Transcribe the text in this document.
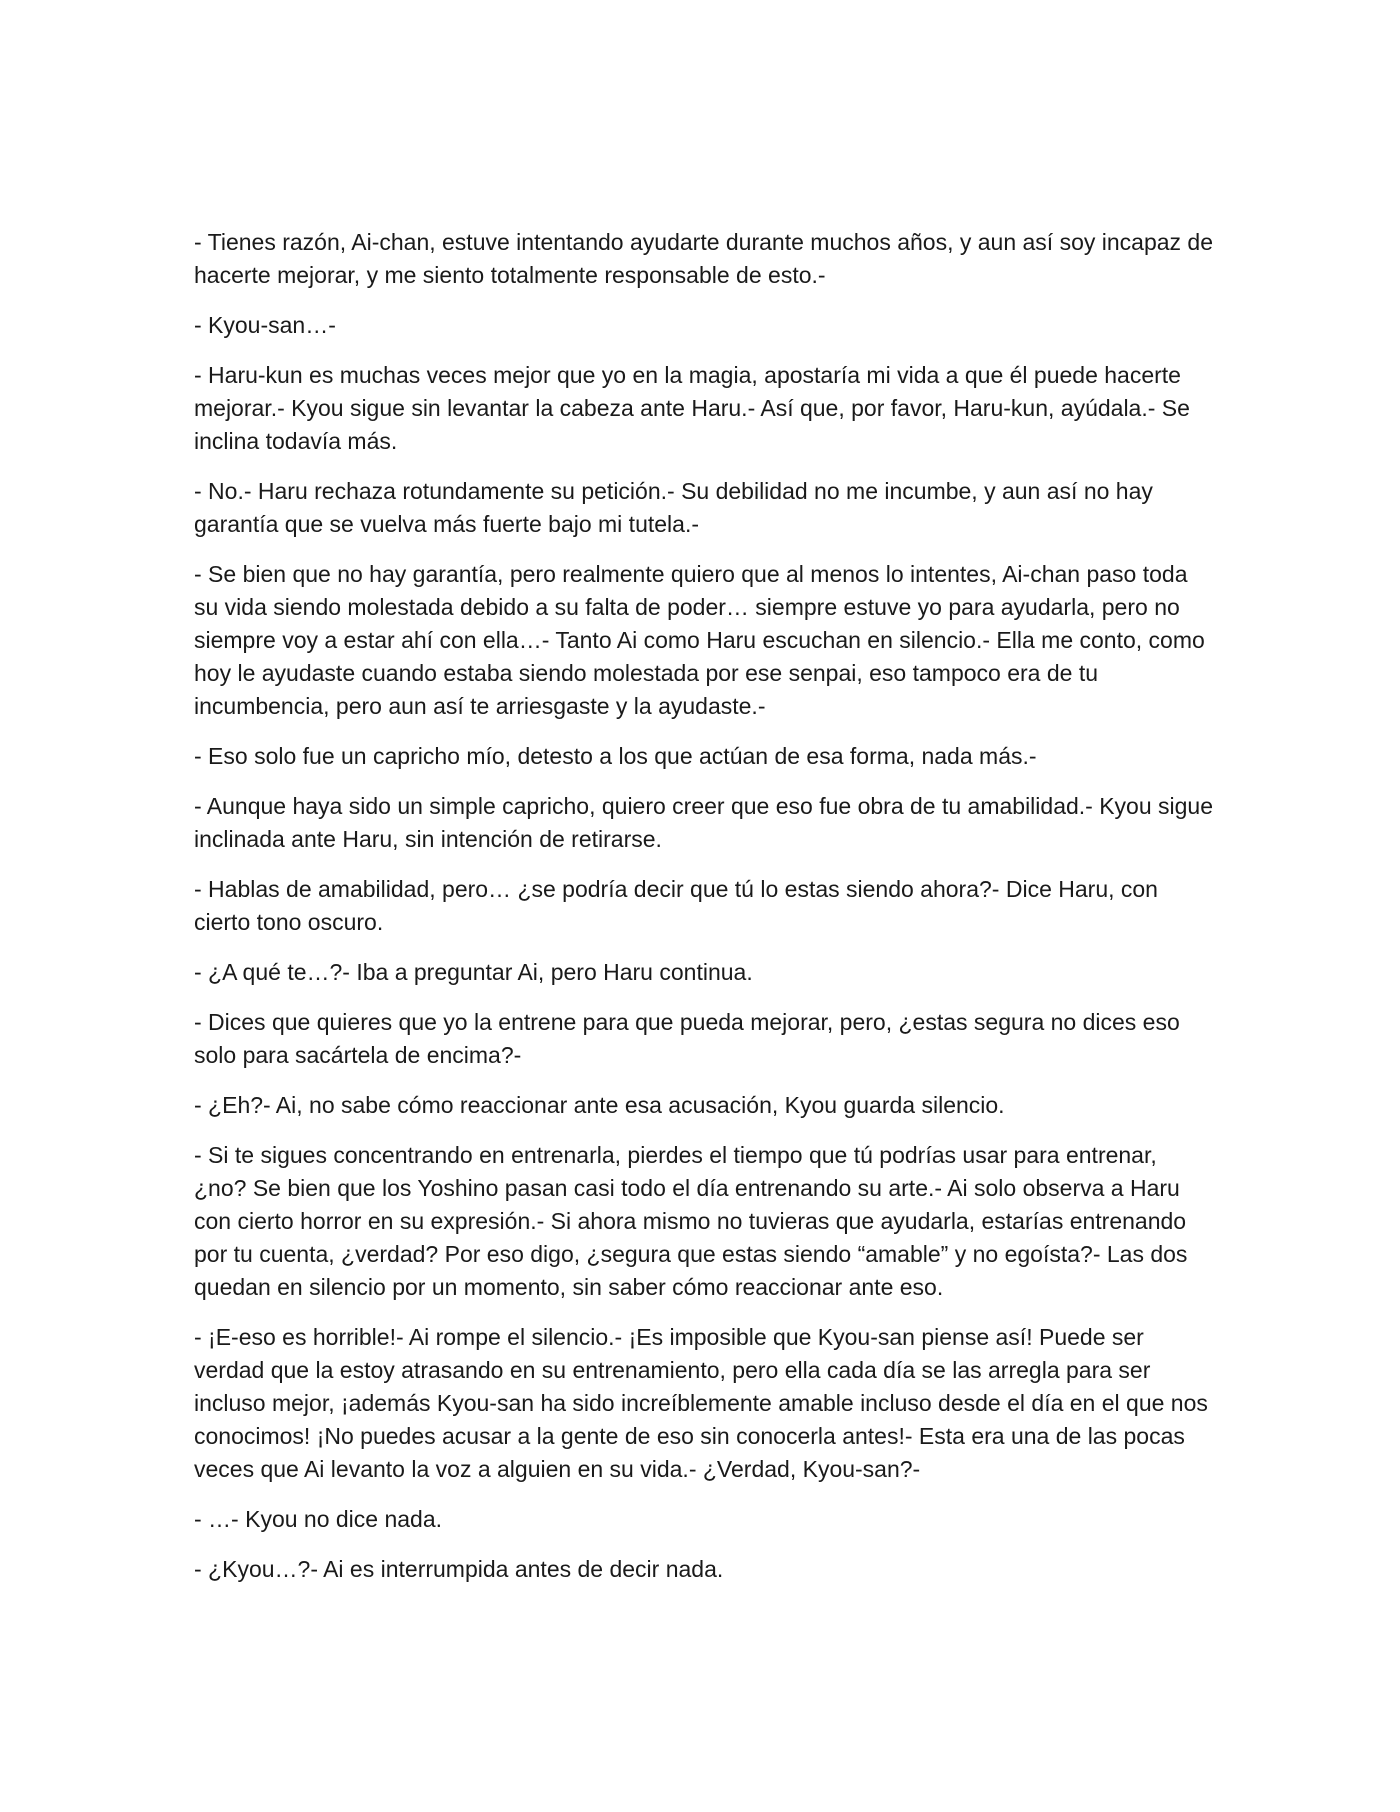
- Tienes razón, Ai-chan, estuve intentando ayudarte durante muchos años, y aun así soy incapaz de hacerte mejorar, y me siento totalmente responsable de esto.-

- Kyou-san…-

- Haru-kun es muchas veces mejor que yo en la magia, apostaría mi vida a que él puede hacerte mejorar.- Kyou sigue sin levantar la cabeza ante Haru.- Así que, por favor, Haru-kun, ayúdala.- Se inclina todavía más.

- No.- Haru rechaza rotundamente su petición.- Su debilidad no me incumbe, y aun así no hay garantía que se vuelva más fuerte bajo mi tutela.-

- Se bien que no hay garantía, pero realmente quiero que al menos lo intentes, Ai-chan paso toda su vida siendo molestada debido a su falta de poder… siempre estuve yo para ayudarla, pero no siempre voy a estar ahí con ella…- Tanto Ai como Haru escuchan en silencio.- Ella me conto, como hoy le ayudaste cuando estaba siendo molestada por ese senpai, eso tampoco era de tu incumbencia, pero aun así te arriesgaste y la ayudaste.-

- Eso solo fue un capricho mío, detesto a los que actúan de esa forma, nada más.-

- Aunque haya sido un simple capricho, quiero creer que eso fue obra de tu amabilidad.- Kyou sigue inclinada ante Haru, sin intención de retirarse.

- Hablas de amabilidad, pero… ¿se podría decir que tú lo estas siendo ahora?- Dice Haru, con cierto tono oscuro.

- ¿A qué te…?- Iba a preguntar Ai, pero Haru continua.

- Dices que quieres que yo la entrene para que pueda mejorar, pero, ¿estas segura no dices eso solo para sacártela de encima?-

- ¿Eh?- Ai, no sabe cómo reaccionar ante esa acusación, Kyou guarda silencio.

- Si te sigues concentrando en entrenarla, pierdes el tiempo que tú podrías usar para entrenar, ¿no? Se bien que los Yoshino pasan casi todo el día entrenando su arte.- Ai solo observa a Haru con cierto horror en su expresión.- Si ahora mismo no tuvieras que ayudarla, estarías entrenando por tu cuenta, ¿verdad? Por eso digo, ¿segura que estas siendo “amable” y no egoísta?- Las dos quedan en silencio por un momento, sin saber cómo reaccionar ante eso.

- ¡E-eso es horrible!- Ai rompe el silencio.- ¡Es imposible que Kyou-san piense así! Puede ser verdad que la estoy atrasando en su entrenamiento, pero ella cada día se las arregla para ser incluso mejor, ¡además Kyou-san ha sido increíblemente amable incluso desde el día en el que nos conocimos! ¡No puedes acusar a la gente de eso sin conocerla antes!- Esta era una de las pocas veces que Ai levanto la voz a alguien en su vida.- ¿Verdad, Kyou-san?-

- …- Kyou no dice nada.

- ¿Kyou…?- Ai es interrumpida antes de decir nada.
